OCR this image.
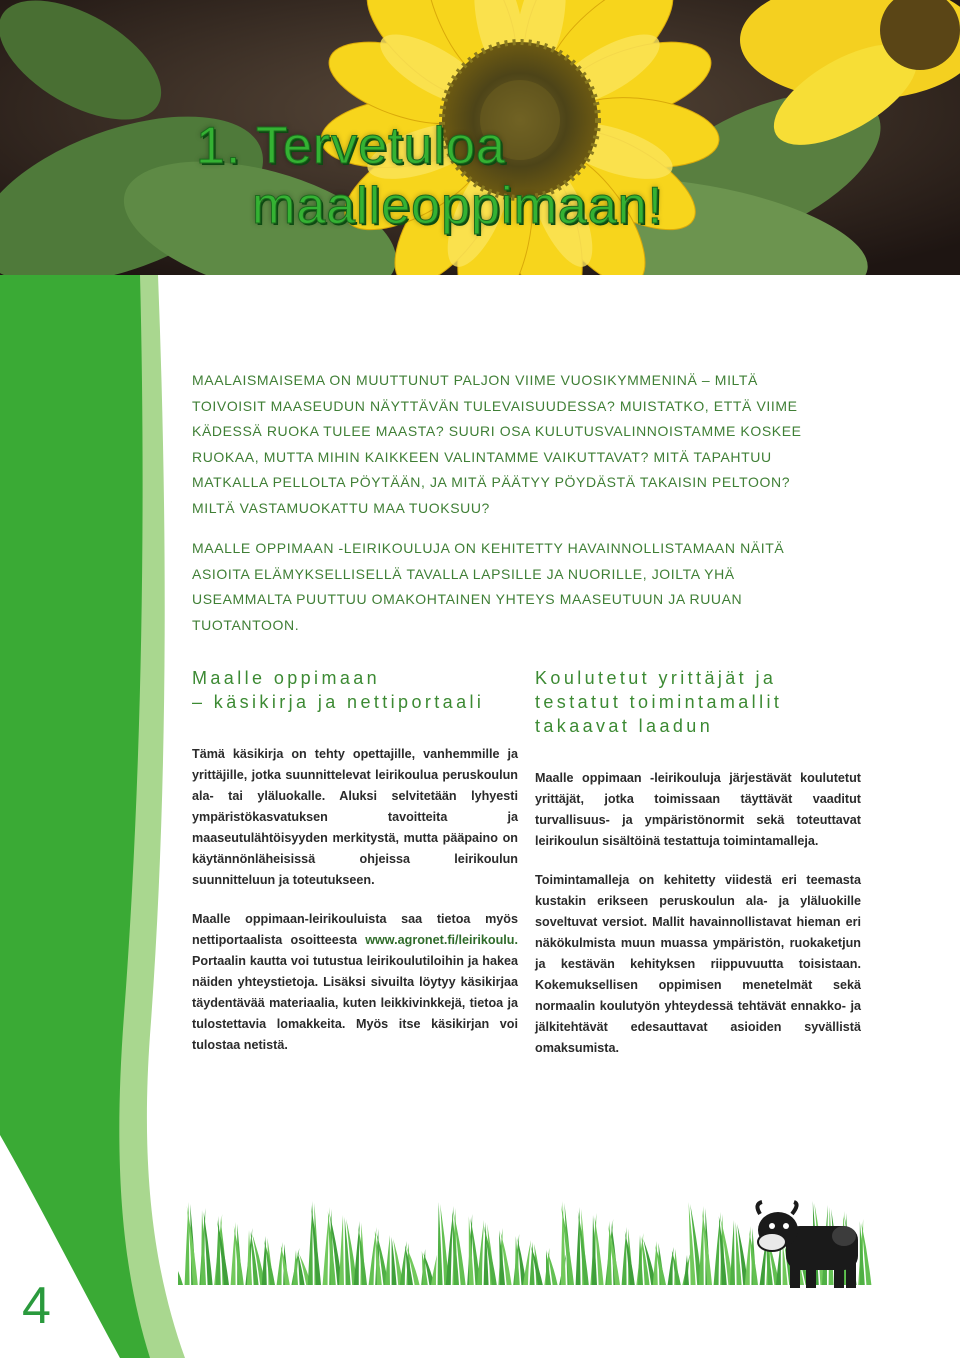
1. Tervetuloa
maalleoppimaan!

MAALAISMAISEMA ON MUUTTUNUT PALJON VIIME VUOSIKYMMENINÄ – MILTÄ TOIVOISIT MAASEUDUN NÄYTTÄVÄN TULEVAISUUDESSA? MUISTATKO, ETTÄ VIIME KÄDESSÄ RUOKA TULEE MAASTA? SUURI OSA KULUTUSVALINNOISTAMME KOSKEE RUOKAA, MUTTA MIHIN KAIKKEEN VALINTAMME VAIKUTTAVAT? MITÄ TAPAHTUU MATKALLA PELLOLTA PÖYTÄÄN, JA MITÄ PÄÄTYY PÖYDÄSTÄ TAKAISIN PELTOON? MILTÄ VASTAMUOKATTU MAA TUOKSUU?

MAALLE OPPIMAAN -LEIRIKOULUJA ON KEHITETTY HAVAINNOLLISTAMAAN NÄITÄ ASIOITA ELÄMYKSELLISELLÄ TAVALLA LAPSILLE JA NUORILLE, JOILTA YHÄ USEAMMALTA PUUTTUU OMAKOHTAINEN YHTEYS MAASEUTUUN JA RUUAN TUOTANTOON.

Maalle oppimaan
– käsikirja ja nettiportaali

Tämä käsikirja on tehty opettajille, vanhemmille ja yrittäjille, jotka suunnittelevat leirikoulua peruskoulun ala- tai yläluokalle. Aluksi selvitetään lyhyesti ympäristökasvatuksen tavoitteita ja maaseutulähtöisyyden merkitystä, mutta pääpaino on käytännönläheisissä ohjeissa leirikoulun suunnitteluun ja toteutukseen.

Maalle oppimaan-leirikouluista saa tietoa myös nettiportaalista osoitteesta www.agronet.fi/leirikoulu. Portaalin kautta voi tutustua leirikoulutiloihin ja hakea näiden yhteystietoja. Lisäksi sivuilta löytyy käsikirjaa täydentävää materiaalia, kuten leikkivinkkejä, tietoa ja tulostettavia lomakkeita. Myös itse käsikirjan voi tulostaa netistä.

Koulutetut yrittäjät ja
testatut toimintamallit
takaavat laadun

Maalle oppimaan -leirikouluja järjestävät koulutetut yrittäjät, jotka toimissaan täyttävät vaaditut turvallisuus- ja ympäristönormit sekä toteuttavat leirikoulun sisältöinä testattuja toimintamalleja.

Toimintamalleja on kehitetty viidestä eri teemasta kustakin erikseen peruskoulun ala- ja yläluokille soveltuvat versiot. Mallit havainnollistavat hieman eri näkökulmista muun muassa ympäristön, ruokaketjun ja kestävän kehityksen riippuvuutta toisistaan. Kokemuksellisen oppimisen menetelmät sekä normaalin koulutyön yhteydessä tehtävät ennakko- ja jälkitehtävät edesauttavat asioiden syvällistä omaksumista.

4
